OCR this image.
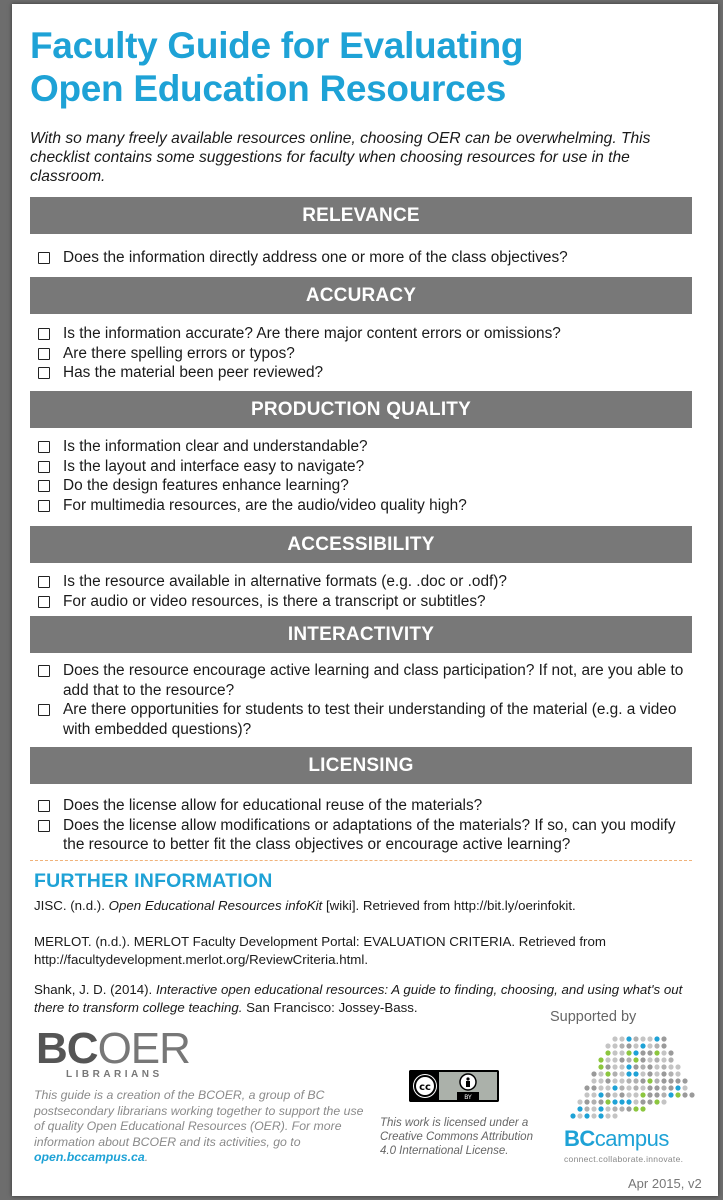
Faculty Guide for Evaluating
Open Education Resources
With so many freely available resources online, choosing OER can be overwhelming. This checklist contains some suggestions for faculty when choosing resources for use in the classroom.
FURTHER INFORMATION
JISC. (n.d.). Open Educational Resources infoKit [wiki]. Retrieved from http://bit.ly/oerinfokit.
MERLOT. (n.d.). MERLOT Faculty Development Portal: EVALUATION CRITERIA. Retrieved from http://facultydevelopment.merlot.org/ReviewCriteria.html.
Shank, J. D. (2014). Interactive open educational resources: A guide to finding, choosing, and using what's out there to transform college teaching. San Francisco: Jossey-Bass.
BCOER
LIBRARIANS
This guide is a creation of the BCOER, a group of BC postsecondary librarians working together to support the use of quality Open Educational Resources (OER). For more information about BCOER and its activities, go to open.bccampus.ca.
cc
BY
This work is licensed under a Creative Commons Attribution 4.0 International License.
Supported by
BCcampus
connect.collaborate.innovate.
Apr 2015, v2
RELEVANCE
Does the information directly address one or more of the class objectives?
ACCURACY
Is the information accurate? Are there major content errors or omissions?
Are there spelling errors or typos?
Has the material been peer reviewed?
PRODUCTION QUALITY
Is the information clear and understandable?
Is the layout and interface easy to navigate?
Do the design features enhance learning?
For multimedia resources, are the audio/video quality high?
ACCESSIBILITY
Is the resource available in alternative formats (e.g. .doc or .odf)?
For audio or video resources, is there a transcript or subtitles?
INTERACTIVITY
Does the resource encourage active learning and class participation? If not, are you able to add that to the resource?
Are there opportunities for students to test their understanding of the material (e.g. a video with embedded questions)?
LICENSING
Does the license allow for educational reuse of the materials?
Does the license allow modifications or adaptations of the materials? If so, can you modify the resource to better fit the class objectives or encourage active learning?
